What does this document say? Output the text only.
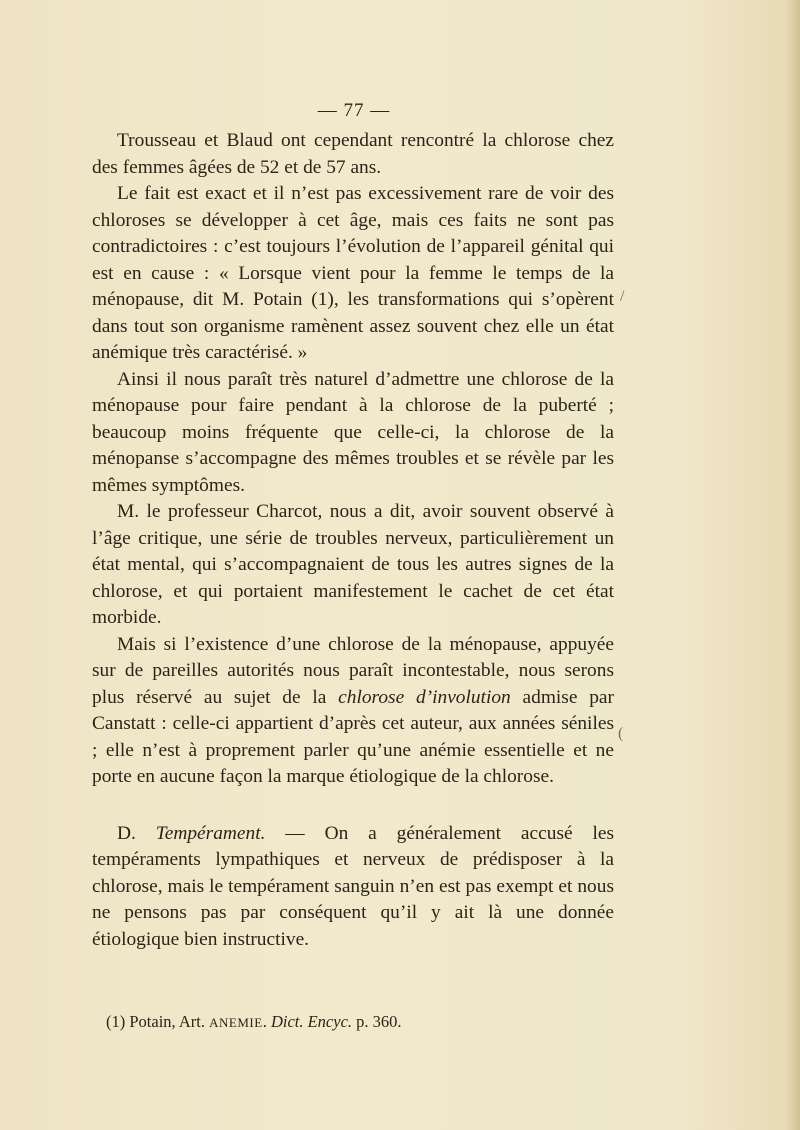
— 77 —

Trousseau et Blaud ont cependant rencontré la chlorose chez des femmes âgées de 52 et de 57 ans.

Le fait est exact et il n’est pas excessivement rare de voir des chloroses se développer à cet âge, mais ces faits ne sont pas contradictoires : c’est toujours l’évolution de l’appareil génital qui est en cause : « Lorsque vient pour la femme le temps de la ménopause, dit M. Potain (1), les transformations qui s’opèrent dans tout son organisme ramènent assez souvent chez elle un état anémique très caractérisé. »

Ainsi il nous paraît très naturel d’admettre une chlorose de la ménopause pour faire pendant à la chlorose de la puberté ; beaucoup moins fréquente que celle-ci, la chlorose de la ménopanse s’accompagne des mêmes troubles et se révèle par les mêmes symptômes.

M. le professeur Charcot, nous a dit, avoir souvent observé à l’âge critique, une série de troubles nerveux, particulièrement un état mental, qui s’accompagnaient de tous les autres signes de la chlorose, et qui portaient manifestement le cachet de cet état morbide.

Mais si l’existence d’une chlorose de la ménopause, appuyée sur de pareilles autorités nous paraît incontestable, nous serons plus réservé au sujet de la chlorose d’involution admise par Canstatt : celle-ci appartient d’après cet auteur, aux années séniles ; elle n’est à proprement parler qu’une anémie essentielle et ne porte en aucune façon la marque étiologique de la chlorose.

D. Tempérament. — On a généralement accusé les tempéraments lympathiques et nerveux de prédisposer à la chlorose, mais le tempérament sanguin n’en est pas exempt et nous ne pensons pas par conséquent qu’il y ait là une donnée étiologique bien instructive.

(1) Potain, Art. ANEMIE. Dict. Encyc. p. 360.
/
(
